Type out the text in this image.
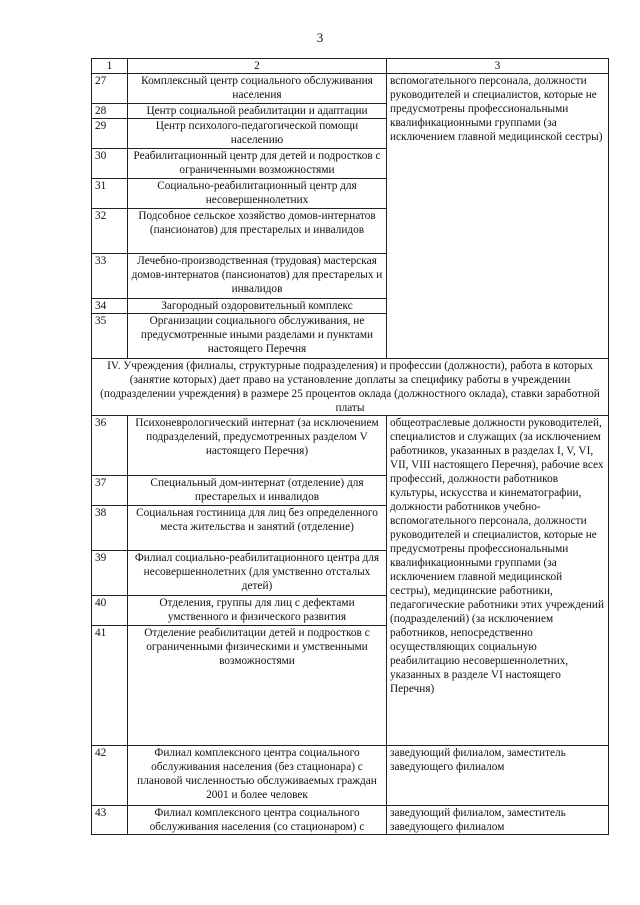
3
1	2	3
27	Комплексный центр социального обслуживания населения	вспомогательного персонала, должности руководителей и специалистов, которые не предусмотрены профессиональными квалификационными группами (за исключением главной медицинской сестры)
28	Центр социальной реабилитации и адаптации	
29	Центр психолого-педагогической помощи населению	
30	Реабилитационный центр для детей и подростков с ограниченными возможностями	
31	Социально-реабилитационный центр для несовершеннолетних	
32	Подсобное сельское хозяйство домов-интернатов (пансионатов) для престарелых и инвалидов	
33	Лечебно-производственная (трудовая) мастерская домов-интернатов (пансионатов) для престарелых и инвалидов	
34	Загородный оздоровительный комплекс	
35	Организации социального обслуживания, не предусмотренные иными разделами и пунктами настоящего Перечня	
IV. Учреждения (филиалы, структурные подразделения) и профессии (должности), работа в которых (занятие которых) дает право на установление доплаты за специфику работы в учреждении (подразделении учреждения) в размере 25 процентов оклада (должностного оклада), ставки заработной платы		
36	Психоневрологический интернат (за исключением подразделений, предусмотренных разделом V настоящего Перечня)	общеотраслевые должности руководителей, специалистов и служащих (за исключением работников, указанных в разделах I, V, VI, VII, VIII настоящего Перечня), рабочие всех профессий, должности работников культуры, искусства и кинематографии, должности работников учебно-вспомогательного персонала, должности руководителей и специалистов, которые не предусмотрены профессиональными квалификационными группами (за исключением главной медицинской сестры), медицинские работники, педагогические работники этих учреждений (подразделений) (за исключением работников, непосредственно осуществляющих социальную реабилитацию несовершеннолетних, указанных в разделе VI настоящего Перечня)
37	Специальный дом-интернат (отделение) для престарелых и инвалидов	
38	Социальная гостиница для лиц без определенного места жительства и занятий (отделение)	
39	Филиал социально-реабилитационного центра для несовершеннолетних (для умственно отсталых детей)	
40	Отделения, группы для лиц с дефектами умственного и физического развития	
41	Отделение реабилитации детей и подростков с ограниченными физическими и умственными возможностями	
42	Филиал комплексного центра социального обслуживания населения (без стационара) с плановой численностью обслуживаемых граждан 2001 и более человек	заведующий филиалом, заместитель заведующего филиалом
43	Филиал комплексного центра социального обслуживания населения (со стационаром) с	заведующий филиалом, заместитель заведующего филиалом
